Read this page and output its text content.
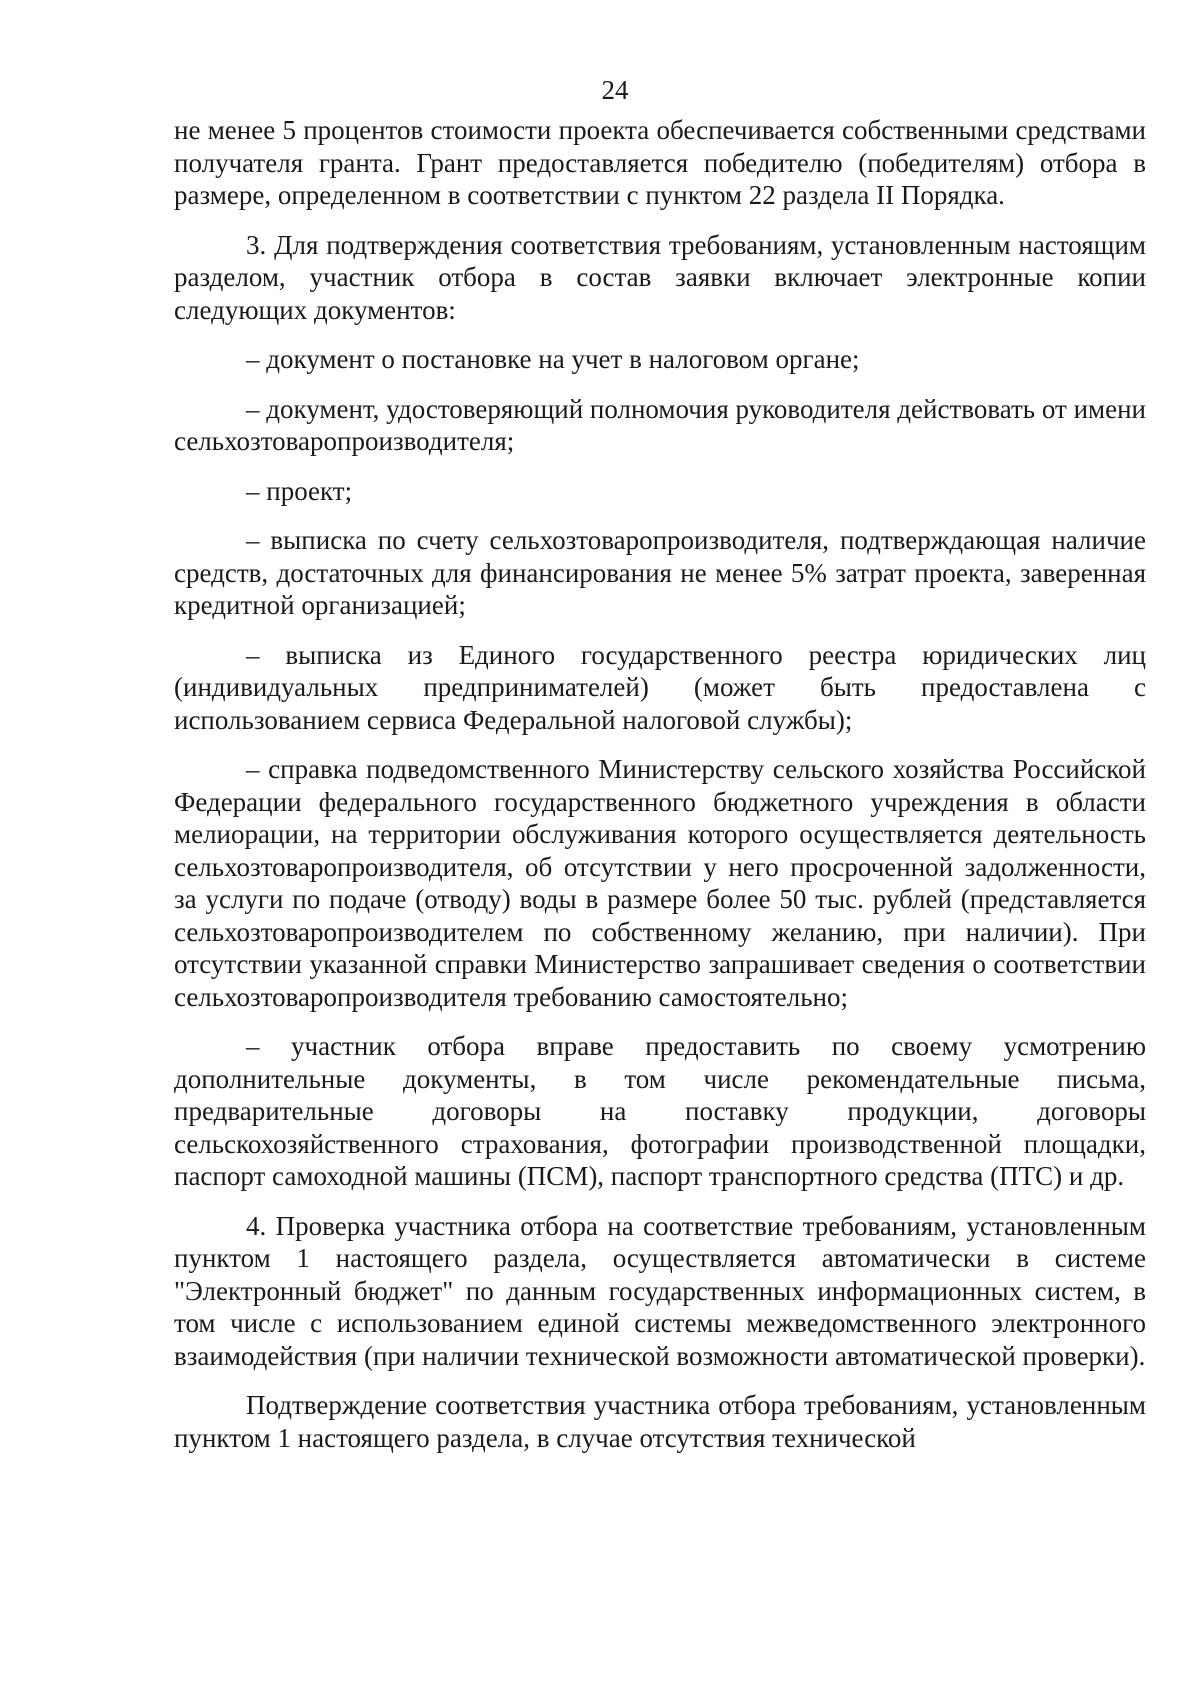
24

не менее 5 процентов стоимости проекта обеспечивается собственными средствами получателя гранта. Грант предоставляется победителю (победителям) отбора в размере, определенном в соответствии с пунктом 22 раздела II Порядка.

3. Для подтверждения соответствия требованиям, установленным настоящим разделом, участник отбора в состав заявки включает электронные копии следующих документов:

– документ о постановке на учет в налоговом органе;

– документ, удостоверяющий полномочия руководителя действовать от имени сельхозтоваропроизводителя;

– проект;

– выписка по счету сельхозтоваропроизводителя, подтверждающая наличие средств, достаточных для финансирования не менее 5% затрат проекта, заверенная кредитной организацией;

– выписка из Единого государственного реестра юридических лиц (индивидуальных предпринимателей) (может быть предоставлена с использованием сервиса Федеральной налоговой службы);

– справка подведомственного Министерству сельского хозяйства Российской Федерации федерального государственного бюджетного учреждения в области мелиорации, на территории обслуживания которого осуществляется деятельность сельхозтоваропроизводителя, об отсутствии у него просроченной задолженности, за услуги по подаче (отводу) воды в размере более 50 тыс. рублей (представляется сельхозтоваропроизводителем по собственному желанию, при наличии). При отсутствии указанной справки Министерство запрашивает сведения о соответствии сельхозтоваропроизводителя требованию самостоятельно;

– участник отбора вправе предоставить по своему усмотрению дополнительные документы, в том числе рекомендательные письма, предварительные договоры на поставку продукции, договоры сельскохозяйственного страхования, фотографии производственной площадки, паспорт самоходной машины (ПСМ), паспорт транспортного средства (ПТС) и др.

4. Проверка участника отбора на соответствие требованиям, установленным пунктом 1 настоящего раздела, осуществляется автоматически в системе "Электронный бюджет" по данным государственных информационных систем, в том числе с использованием единой системы межведомственного электронного взаимодействия (при наличии технической возможности автоматической проверки).

Подтверждение соответствия участника отбора требованиям, установленным пунктом 1 настоящего раздела, в случае отсутствия технической
